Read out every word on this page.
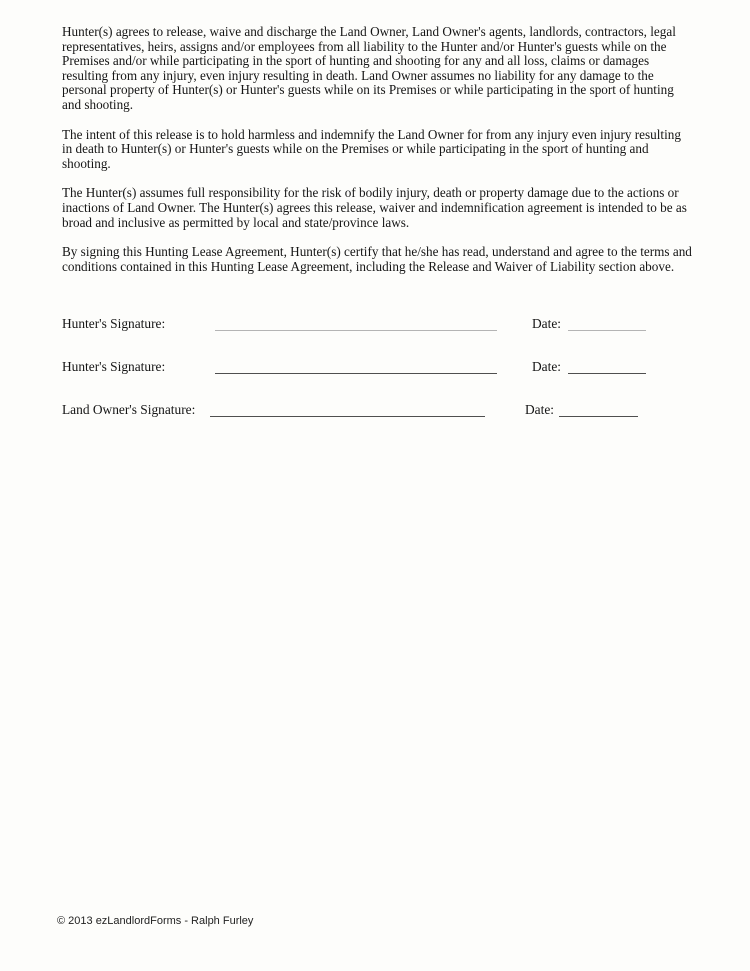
Hunter(s) agrees to release, waive and discharge the Land Owner, Land Owner's agents, landlords, contractors, legal representatives, heirs, assigns and/or employees from all liability to the Hunter and/or Hunter's guests while on the Premises and/or while participating in the sport of hunting and shooting for any and all loss, claims or damages resulting from any injury, even injury resulting in death. Land Owner assumes no liability for any damage to the personal property of Hunter(s) or Hunter's guests while on its Premises or while participating in the sport of hunting and shooting.

The intent of this release is to hold harmless and indemnify the Land Owner for from any injury even injury resulting in death to Hunter(s) or Hunter's guests while on the Premises or while participating in the sport of hunting and shooting.

The Hunter(s) assumes full responsibility for the risk of bodily injury, death or property damage due to the actions or inactions of Land Owner. The Hunter(s) agrees this release, waiver and indemnification agreement is intended to be as broad and inclusive as permitted by local and state/province laws.

By signing this Hunting Lease Agreement, Hunter(s) certify that he/she has read, understand and agree to the terms and conditions contained in this Hunting Lease Agreement, including the Release and Waiver of Liability section above.

Hunter's Signature:	Date:
Hunter's Signature:	Date:
Land Owner's Signature:	Date:
© 2013 ezLandlordForms - Ralph Furley
